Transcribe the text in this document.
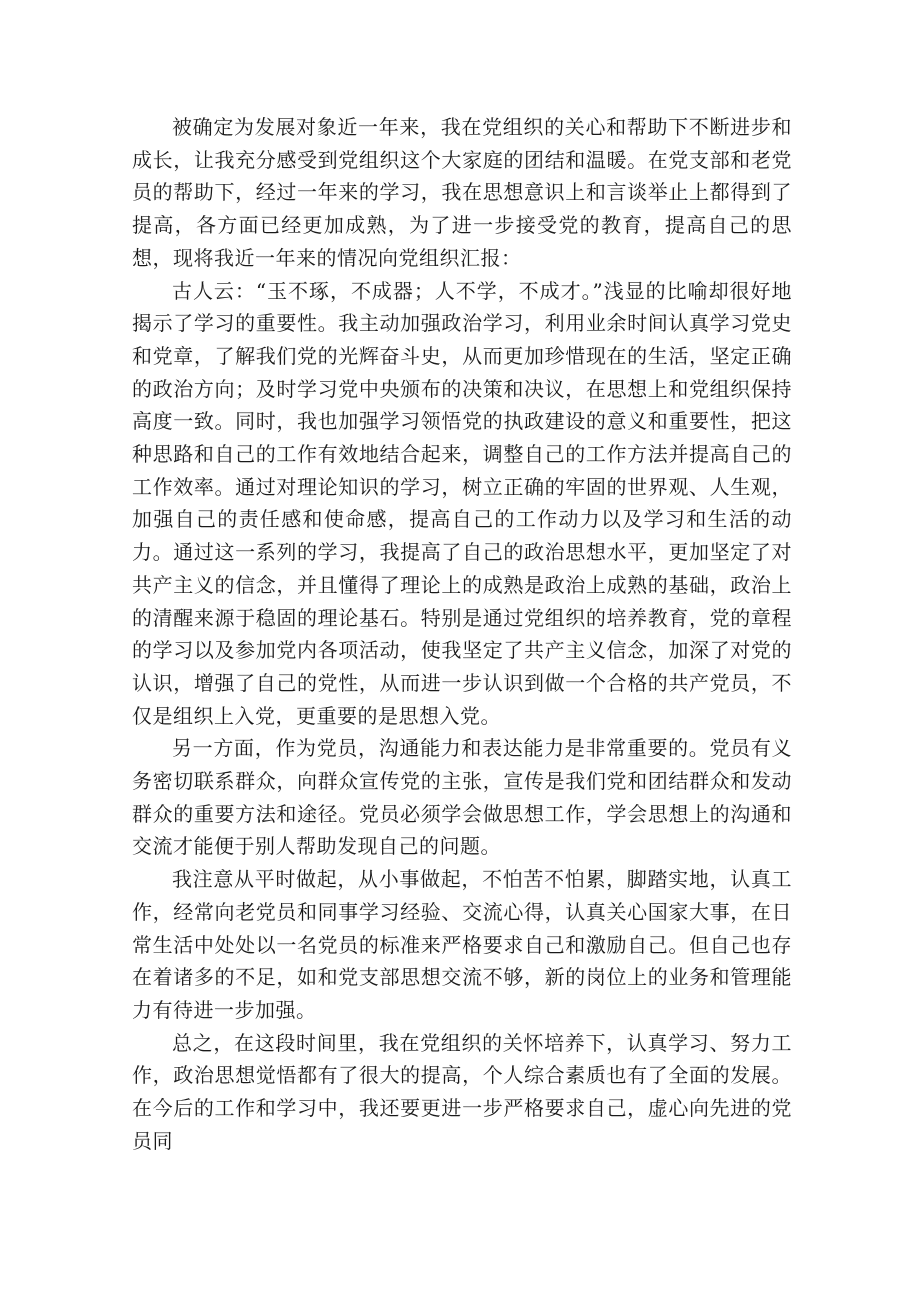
被确定为发展对象近一年来，我在党组织的关心和帮助下不断进步和成长，让我充分感受到党组织这个大家庭的团结和温暖。在党支部和老党员的帮助下，经过一年来的学习，我在思想意识上和言谈举止上都得到了提高，各方面已经更加成熟，为了进一步接受党的教育，提高自己的思想，现将我近一年来的情况向党组织汇报：

古人云：“玉不琢，不成器；人不学，不成才。”浅显的比喻却很好地揭示了学习的重要性。我主动加强政治学习，利用业余时间认真学习党史和党章，了解我们党的光辉奋斗史，从而更加珍惜现在的生活，坚定正确的政治方向；及时学习党中央颁布的决策和决议，在思想上和党组织保持高度一致。同时，我也加强学习领悟党的执政建设的意义和重要性，把这种思路和自己的工作有效地结合起来，调整自己的工作方法并提高自己的工作效率。通过对理论知识的学习，树立正确的牢固的世界观、人生观，加强自己的责任感和使命感，提高自己的工作动力以及学习和生活的动力。通过这一系列的学习，我提高了自己的政治思想水平，更加坚定了对共产主义的信念，并且懂得了理论上的成熟是政治上成熟的基础，政治上的清醒来源于稳固的理论基石。特别是通过党组织的培养教育，党的章程的学习以及参加党内各项活动，使我坚定了共产主义信念，加深了对党的认识，增强了自己的党性，从而进一步认识到做一个合格的共产党员，不仅是组织上入党，更重要的是思想入党。

另一方面，作为党员，沟通能力和表达能力是非常重要的。党员有义务密切联系群众，向群众宣传党的主张，宣传是我们党和团结群众和发动群众的重要方法和途径。党员必须学会做思想工作，学会思想上的沟通和交流才能便于别人帮助发现自己的问题。

我注意从平时做起，从小事做起，不怕苦不怕累，脚踏实地，认真工作，经常向老党员和同事学习经验、交流心得，认真关心国家大事，在日常生活中处处以一名党员的标准来严格要求自己和激励自己。但自己也存在着诸多的不足，如和党支部思想交流不够，新的岗位上的业务和管理能力有待进一步加强。

总之，在这段时间里，我在党组织的关怀培养下，认真学习、努力工作，政治思想觉悟都有了很大的提高，个人综合素质也有了全面的发展。在今后的工作和学习中，我还要更进一步严格要求自己，虚心向先进的党员同
